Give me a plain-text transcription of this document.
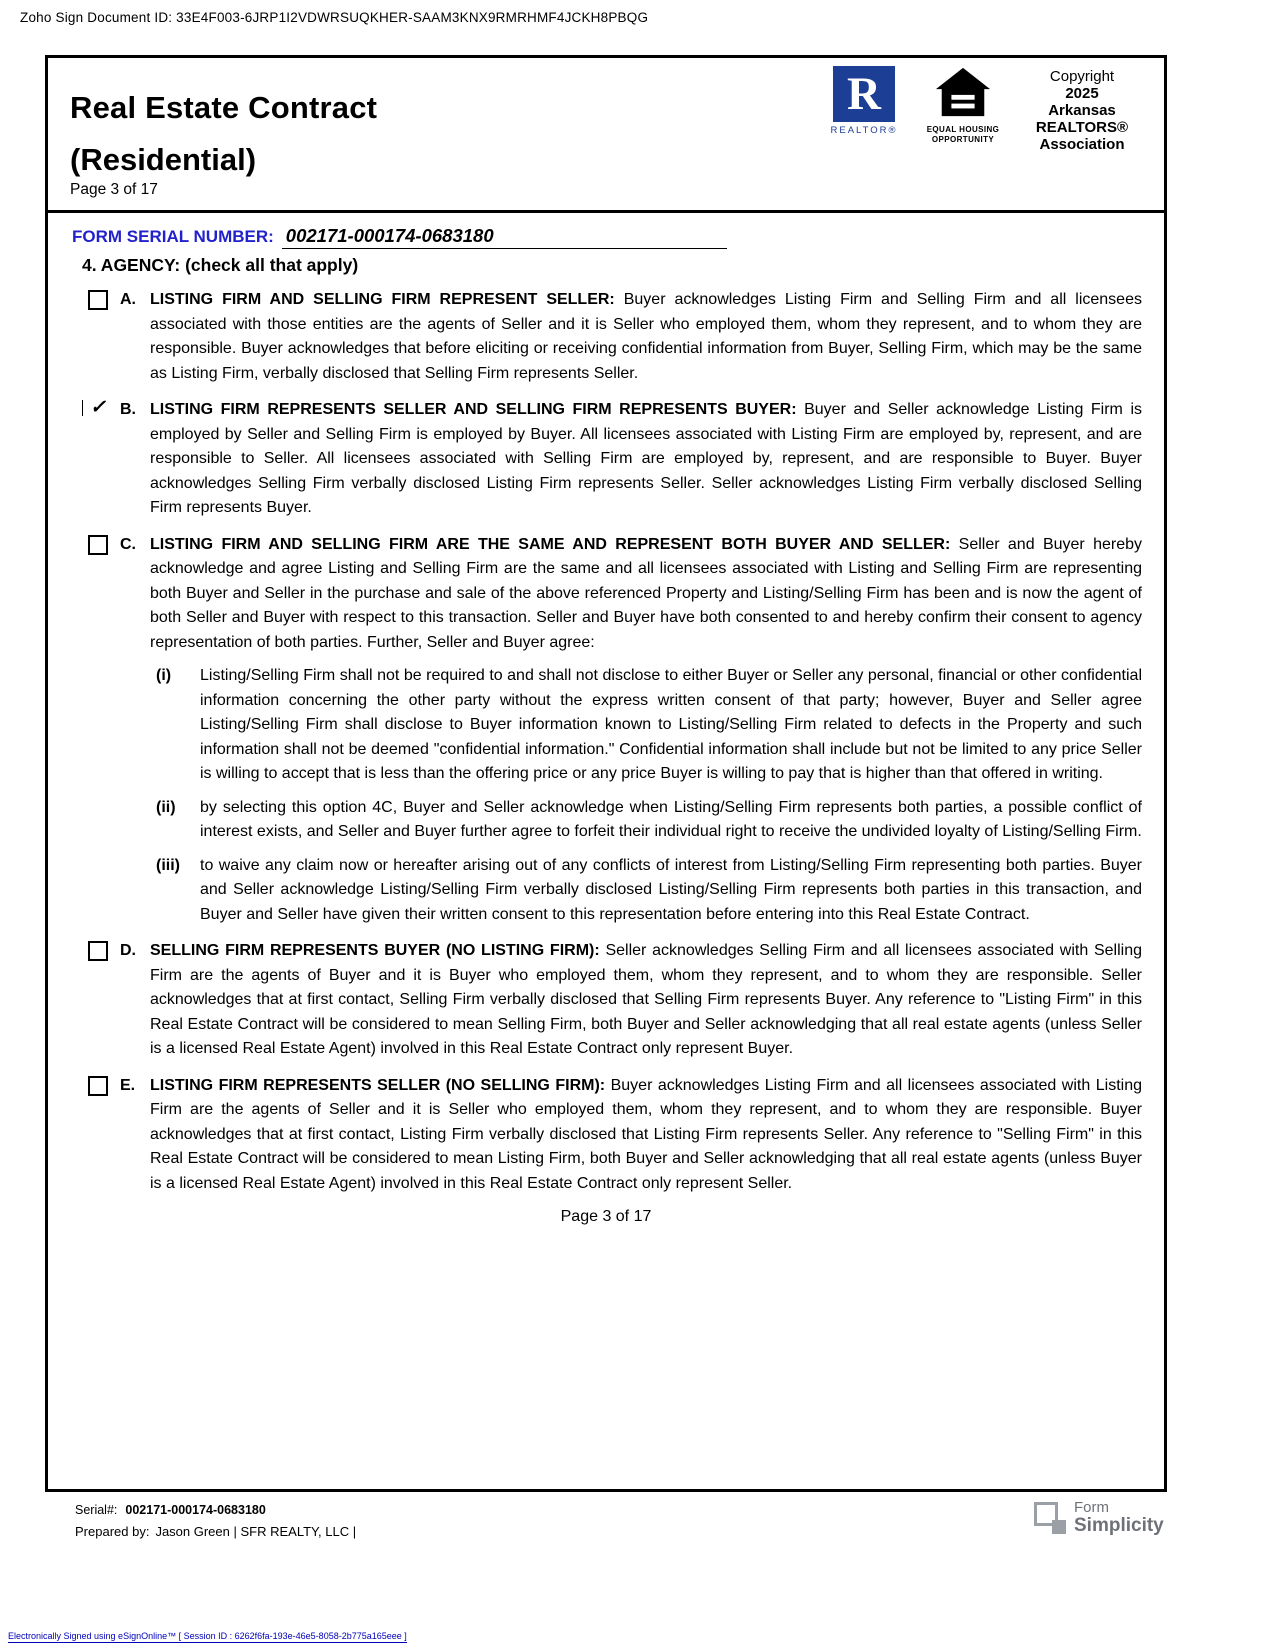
Zoho Sign Document ID: 33E4F003-6JRP1I2VDWRSUQKHER-SAAM3KNX9RMRHMF4JCKH8PBQG
Real Estate Contract
(Residential)
Page 3 of 17
R
REALTOR®	EQUAL HOUSING
OPPORTUNITY
Copyright
2025
Arkansas
REALTORS®
Association
FORM SERIAL NUMBER: 002171-000174-0683180
4. AGENCY: (check all that apply)
A. LISTING FIRM AND SELLING FIRM REPRESENT SELLER: Buyer acknowledges Listing Firm and Selling Firm and all licensees associated with those entities are the agents of Seller and it is Seller who employed them, whom they represent, and to whom they are responsible. Buyer acknowledges that before eliciting or receiving confidential information from Buyer, Selling Firm, which may be the same as Listing Firm, verbally disclosed that Selling Firm represents Seller.

✓ B. LISTING FIRM REPRESENTS SELLER AND SELLING FIRM REPRESENTS BUYER: Buyer and Seller acknowledge Listing Firm is employed by Seller and Selling Firm is employed by Buyer. All licensees associated with Listing Firm are employed by, represent, and are responsible to Seller. All licensees associated with Selling Firm are employed by, represent, and are responsible to Buyer. Buyer acknowledges Selling Firm verbally disclosed Listing Firm represents Seller. Seller acknowledges Listing Firm verbally disclosed Selling Firm represents Buyer.

C. LISTING FIRM AND SELLING FIRM ARE THE SAME AND REPRESENT BOTH BUYER AND SELLER: Seller and Buyer hereby acknowledge and agree Listing and Selling Firm are the same and all licensees associated with Listing and Selling Firm are representing both Buyer and Seller in the purchase and sale of the above referenced Property and Listing/Selling Firm has been and is now the agent of both Seller and Buyer with respect to this transaction. Seller and Buyer have both consented to and hereby confirm their consent to agency representation of both parties. Further, Seller and Buyer agree:

(i) Listing/Selling Firm shall not be required to and shall not disclose to either Buyer or Seller any personal, financial or other confidential information concerning the other party without the express written consent of that party; however, Buyer and Seller agree Listing/Selling Firm shall disclose to Buyer information known to Listing/Selling Firm related to defects in the Property and such information shall not be deemed "confidential information." Confidential information shall include but not be limited to any price Seller is willing to accept that is less than the offering price or any price Buyer is willing to pay that is higher than that offered in writing.

(ii) by selecting this option 4C, Buyer and Seller acknowledge when Listing/Selling Firm represents both parties, a possible conflict of interest exists, and Seller and Buyer further agree to forfeit their individual right to receive the undivided loyalty of Listing/Selling Firm.

(iii) to waive any claim now or hereafter arising out of any conflicts of interest from Listing/Selling Firm representing both parties. Buyer and Seller acknowledge Listing/Selling Firm verbally disclosed Listing/Selling Firm represents both parties in this transaction, and Buyer and Seller have given their written consent to this representation before entering into this Real Estate Contract.

D. SELLING FIRM REPRESENTS BUYER (NO LISTING FIRM): Seller acknowledges Selling Firm and all licensees associated with Selling Firm are the agents of Buyer and it is Buyer who employed them, whom they represent, and to whom they are responsible. Seller acknowledges that at first contact, Selling Firm verbally disclosed that Selling Firm represents Buyer. Any reference to "Listing Firm" in this Real Estate Contract will be considered to mean Selling Firm, both Buyer and Seller acknowledging that all real estate agents (unless Seller is a licensed Real Estate Agent) involved in this Real Estate Contract only represent Buyer.

E. LISTING FIRM REPRESENTS SELLER (NO SELLING FIRM): Buyer acknowledges Listing Firm and all licensees associated with Listing Firm are the agents of Seller and it is Seller who employed them, whom they represent, and to whom they are responsible. Buyer acknowledges that at first contact, Listing Firm verbally disclosed that Listing Firm represents Seller. Any reference to "Selling Firm" in this Real Estate Contract will be considered to mean Listing Firm, both Buyer and Seller acknowledging that all real estate agents (unless Buyer is a licensed Real Estate Agent) involved in this Real Estate Contract only represent Seller.

Page 3 of 17
Serial#: 002171-000174-0683180
Prepared by: Jason Green | SFR REALTY, LLC |
Form
Simplicity
Electronically Signed using eSignOnline™ [ Session ID : 6262f6fa-193e-46e5-8058-2b775a165eee ]
